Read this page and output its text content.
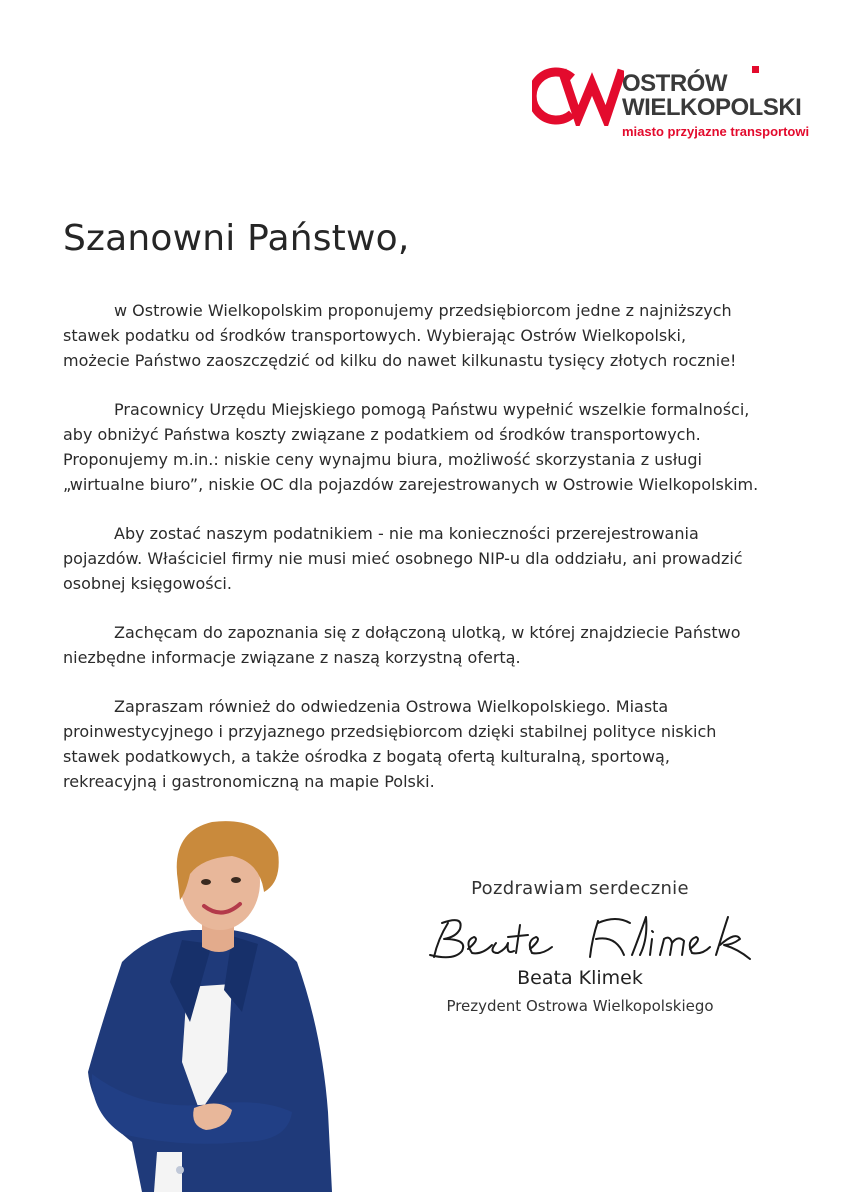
OSTRÓW
WIELKOPOLSKI
miasto przyjazne transportowi
Szanowni Państwo,

w Ostrowie Wielkopolskim proponujemy przedsiębiorcom jedne z najniższych
stawek podatku od środków transportowych. Wybierając Ostrów Wielkopolski,
możecie Państwo zaoszczędzić od kilku do nawet kilkunastu tysięcy złotych rocznie!

Pracownicy Urzędu Miejskiego pomogą Państwu wypełnić wszelkie formalności,
aby obniżyć Państwa koszty związane z podatkiem od środków transportowych.
Proponujemy m.in.: niskie ceny wynajmu biura, możliwość skorzystania z usługi
„wirtualne biuro”, niskie OC dla pojazdów zarejestrowanych w Ostrowie Wielkopolskim.

Aby zostać naszym podatnikiem - nie ma konieczności przerejestrowania
pojazdów. Właściciel firmy nie musi mieć osobnego NIP-u dla oddziału, ani prowadzić
osobnej księgowości.

Zachęcam do zapoznania się z dołączoną ulotką, w której znajdziecie Państwo
niezbędne informacje związane z naszą korzystną ofertą.

Zapraszam również do odwiedzenia Ostrowa Wielkopolskiego. Miasta
proinwestycyjnego i przyjaznego przedsiębiorcom dzięki stabilnej polityce niskich
stawek podatkowych, a także ośrodka z bogatą ofertą kulturalną, sportową,
rekreacyjną i gastronomiczną na mapie Polski.

Pozdrawiam serdecznie

Beata Klimek

Prezydent Ostrowa Wielkopolskiego
